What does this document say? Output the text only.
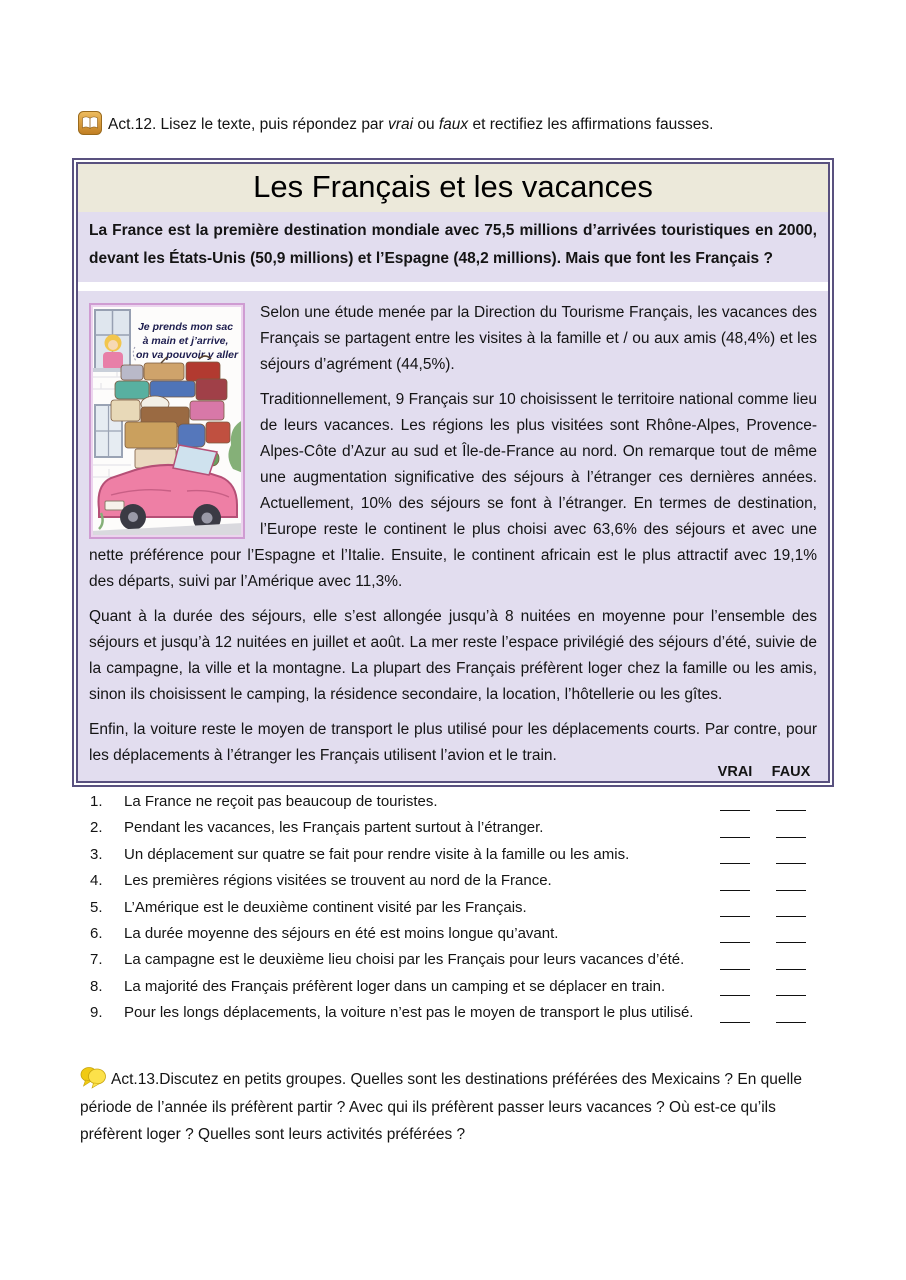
Act.12. Lisez le texte, puis répondez par vrai ou faux et rectifiez les affirmations fausses.
Les Français et les vacances
La France est la première destination mondiale avec 75,5 millions d’arrivées touristiques en 2000, devant les États-Unis (50,9 millions) et l’Espagne (48,2 millions). Mais que font les Français ?
Je prends mon sac à main et j’arrive, on va pouvoir y aller

Selon une étude menée par la Direction du Tourisme Français, les vacances des Français se partagent entre les visites à la famille et / ou aux amis (48,4%) et les séjours d’agrément (44,5%).

Traditionnellement, 9 Français sur 10 choisissent le territoire national comme lieu de leurs vacances. Les régions les plus visitées sont Rhône-Alpes, Provence-Alpes-Côte d’Azur au sud et Île-de-France au nord. On remarque tout de même une augmentation significative des séjours à l’étranger ces dernières années. Actuellement, 10% des séjours se font à l’étranger. En termes de destination, l’Europe reste le continent le plus choisi avec 63,6% des séjours et avec une nette préférence pour l’Espagne et l’Italie. Ensuite, le continent africain est le plus attractif avec 19,1% des départs, suivi par l’Amérique avec 11,3%.

Quant à la durée des séjours, elle s’est allongée jusqu’à 8 nuitées en moyenne pour l’ensemble des séjours et jusqu’à 12 nuitées en juillet et août. La mer reste l’espace privilégié des séjours d’été, suivie de la campagne, la ville et la montagne. La plupart des Français préfèrent loger chez la famille ou les amis, sinon ils choisissent le camping, la résidence secondaire, la location, l’hôtellerie ou les gîtes.

Enfin, la voiture reste le moyen de transport le plus utilisé pour les déplacements courts. Par contre, pour les déplacements à l’étranger les Français utilisent l’avion et le train.

VRAI	FAUX
1.	La France ne reçoit pas beaucoup de touristes.
2.	Pendant les vacances, les Français partent surtout à l’étranger.
3.	Un déplacement sur quatre se fait pour rendre visite à la famille ou les amis.
4.	Les premières régions visitées se trouvent au nord de la France.
5.	L’Amérique est le deuxième continent visité par les Français.
6.	La durée moyenne des séjours en été est moins longue qu’avant.
7.	La campagne est le deuxième lieu choisi par les Français pour leurs vacances d’été.
8.	La majorité des Français préfèrent loger dans un camping et se déplacer en train.
9.	Pour les longs déplacements, la voiture n’est pas le moyen de transport le plus utilisé.
Act.13.Discutez en petits groupes. Quelles sont les destinations préférées des Mexicains ? En quelle période de l’année ils préfèrent partir ? Avec qui ils préfèrent passer leurs vacances ? Où est-ce qu’ils préfèrent loger ? Quelles sont leurs activités préférées ?
